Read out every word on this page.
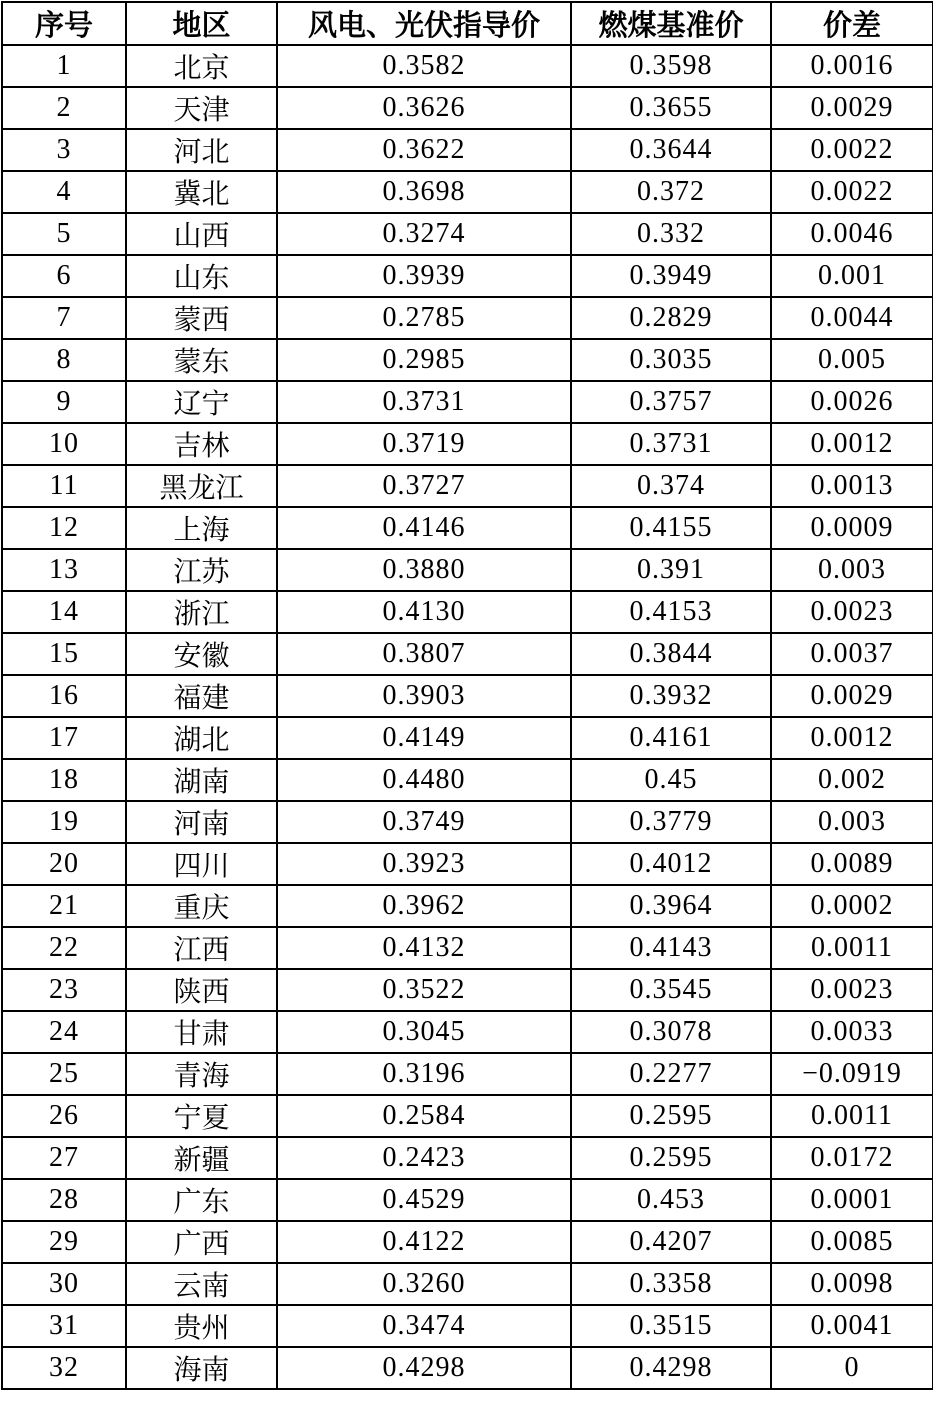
序号	地区	风电、光伏指导价	燃煤基准价	价差
1	北京	0.3582	0.3598	0.0016
2	天津	0.3626	0.3655	0.0029
3	河北	0.3622	0.3644	0.0022
4	冀北	0.3698	0.372	0.0022
5	山西	0.3274	0.332	0.0046
6	山东	0.3939	0.3949	0.001
7	蒙西	0.2785	0.2829	0.0044
8	蒙东	0.2985	0.3035	0.005
9	辽宁	0.3731	0.3757	0.0026
10	吉林	0.3719	0.3731	0.0012
11	黑龙江	0.3727	0.374	0.0013
12	上海	0.4146	0.4155	0.0009
13	江苏	0.3880	0.391	0.003
14	浙江	0.4130	0.4153	0.0023
15	安徽	0.3807	0.3844	0.0037
16	福建	0.3903	0.3932	0.0029
17	湖北	0.4149	0.4161	0.0012
18	湖南	0.4480	0.45	0.002
19	河南	0.3749	0.3779	0.003
20	四川	0.3923	0.4012	0.0089
21	重庆	0.3962	0.3964	0.0002
22	江西	0.4132	0.4143	0.0011
23	陕西	0.3522	0.3545	0.0023
24	甘肃	0.3045	0.3078	0.0033
25	青海	0.3196	0.2277	−0.0919
26	宁夏	0.2584	0.2595	0.0011
27	新疆	0.2423	0.2595	0.0172
28	广东	0.4529	0.453	0.0001
29	广西	0.4122	0.4207	0.0085
30	云南	0.3260	0.3358	0.0098
31	贵州	0.3474	0.3515	0.0041
32	海南	0.4298	0.4298	0
